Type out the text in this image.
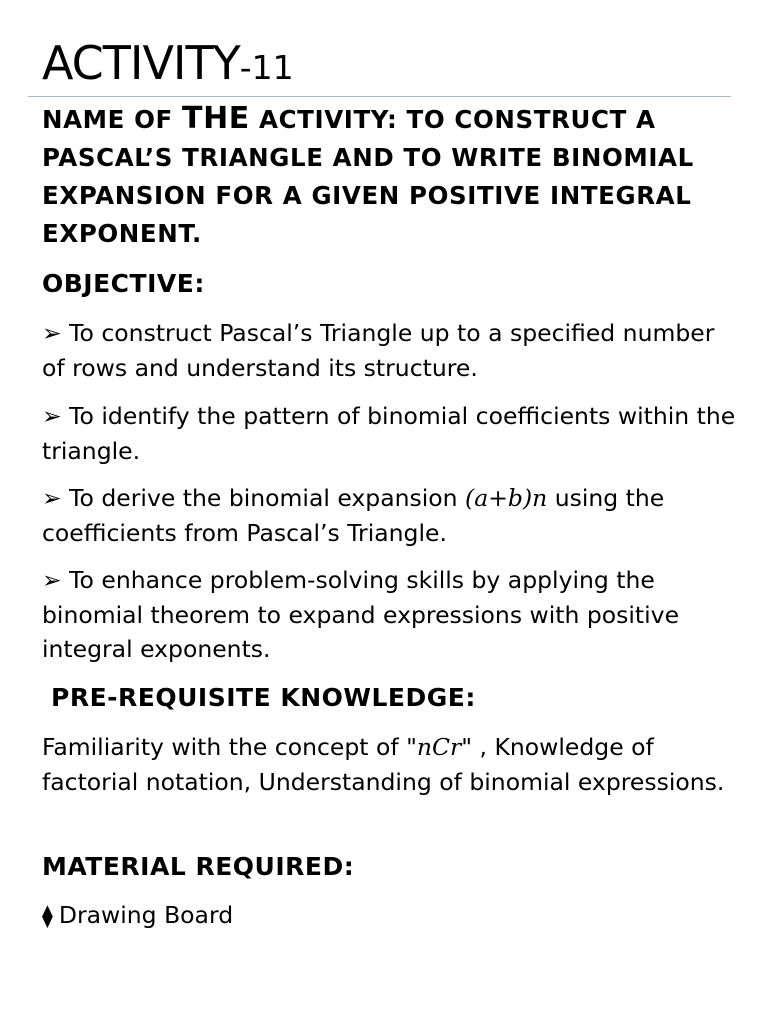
ACTIVITY-11

NAME OF THE ACTIVITY: TO CONSTRUCT A PASCAL’S TRIANGLE AND TO WRITE BINOMIAL EXPANSION FOR A GIVEN POSITIVE INTEGRAL EXPONENT.

OBJECTIVE:

➢ To construct Pascal’s Triangle up to a specified number of rows and understand its structure.

➢ To identify the pattern of binomial coefficients within the triangle.

➢ To derive the binomial expansion (a+b)n using the coefficients from Pascal’s Triangle.

➢ To enhance problem-solving skills by applying the binomial theorem to expand expressions with positive integral exponents.

PRE-REQUISITE KNOWLEDGE:

Familiarity with the concept of "nCr" , Knowledge of factorial notation, Understanding of binomial expressions.

MATERIAL REQUIRED:

⧫ Drawing Board
